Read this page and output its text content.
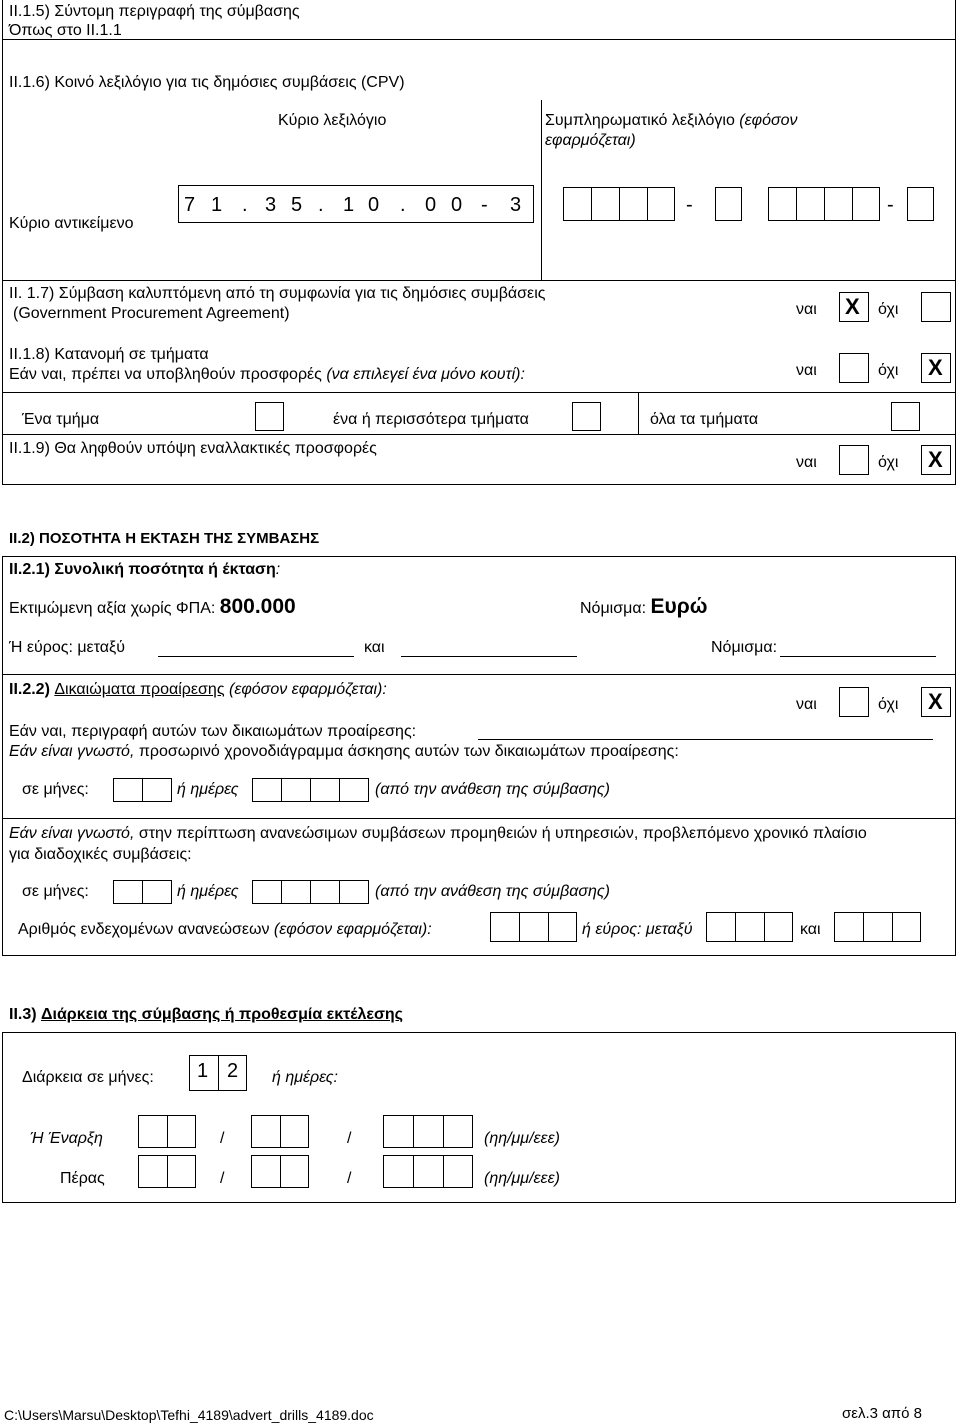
II.1.5) Σύντομη περιγραφή της σύμβασης
Όπως στο ΙΙ.1.1
II.1.6) Κοινό λεξιλόγιο για τις δημόσιες συμβάσεις (CPV)
Κύριο λεξιλόγιο	Συμπληρωματικό λεξιλόγιο (εφόσον
εφαρμόζεται)
Κύριο αντικείμενο
7 1 . 3 5 . 1 0 . 0 0 - 3	-	-
II. 1.7) Σύμβαση καλυπτόμενη από τη συμφωνία για τις δημόσιες συμβάσεις
(Government Procurement Agreement)	ναι X όχι
II.1.8) Κατανομή σε τμήματα
Εάν ναι, πρέπει να υποβληθούν προσφορές (να επιλεγεί ένα μόνο κουτί):	ναι	όχι X
Ένα τμήμα	ένα ή περισσότερα τμήματα	όλα τα τμήματα
II.1.9) Θα ληφθούν υπόψη εναλλακτικές προσφορές
ναι	όχι X
II.2) ΠΟΣΟΤΗΤΑ Η ΕΚΤΑΣΗ ΤΗΣ ΣΥΜΒΑΣΗΣ
II.2.1) Συνολική ποσότητα ή έκταση:
Εκτιμώμενη αξία χωρίς ΦΠΑ: 800.000	Νόμισμα: Ευρώ
Ή εύρος: μεταξύ	και	Νόμισμα:
II.2.2) Δικαιώματα προαίρεσης (εφόσον εφαρμόζεται):
ναι	όχι X
Εάν ναι, περιγραφή αυτών των δικαιωμάτων προαίρεσης:
Εάν είναι γνωστό, προσωρινό χρονοδιάγραμμα άσκησης αυτών των δικαιωμάτων προαίρεσης:
σε μήνες:	ή ημέρες	(από την ανάθεση της σύμβασης)
Εάν είναι γνωστό, στην περίπτωση ανανεώσιμων συμβάσεων προμηθειών ή υπηρεσιών, προβλεπόμενο χρονικό πλαίσιο
για διαδοχικές συμβάσεις:
σε μήνες:	ή ημέρες	(από την ανάθεση της σύμβασης)
Αριθμός ενδεχομένων ανανεώσεων (εφόσον εφαρμόζεται):	ή εύρος: μεταξύ	και
II.3) Διάρκεια της σύμβασης ή προθεσμία εκτέλεσης
Διάρκεια σε μήνες: 1 2 ή ημέρες:
Ή Έναρξη	/	/	(ηη/μμ/εεε)
Πέρας	/	/	(ηη/μμ/εεε)
C:\Users\Marsu\Desktop\Tefhi_4189\advert_drills_4189.doc	σελ.3 από 8
